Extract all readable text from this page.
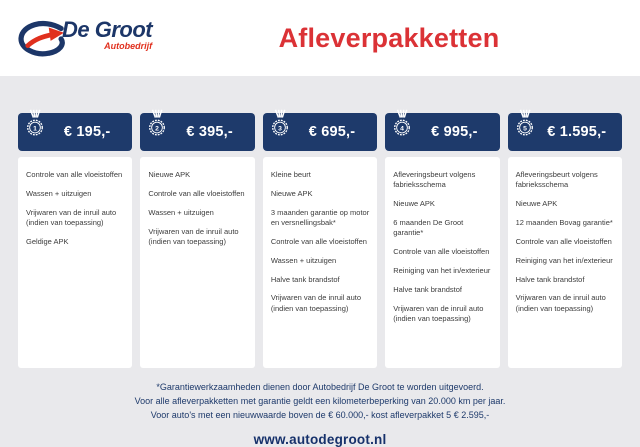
De Groot
Autobedrijf	Afleverpakketten
1 € 195,-
Controle van alle vloeistoffen
Wassen + uitzuigen
Vrijwaren van de inruil auto (indien van toepassing)
Geldige APK
2 € 395,-
Nieuwe APK
Controle van alle vloeistoffen
Wassen + uitzuigen
Vrijwaren van de inruil auto (indien van toepassing)
3 € 695,-
Kleine beurt
Nieuwe APK
3 maanden garantie op motor en versnellingsbak*
Controle van alle vloeistoffen
Wassen + uitzuigen
Halve tank brandstof
Vrijwaren van de inruil auto (indien van toepassing)
4 € 995,-
Afleveringsbeurt volgens fabrieksschema
Nieuwe APK
6 maanden De Groot garantie*
Controle van alle vloeistoffen
Reiniging van het in/exterieur
Halve tank brandstof
Vrijwaren van de inruil auto (indien van toepassing)
5 € 1.595,-
Afleveringsbeurt volgens fabrieksschema
Nieuwe APK
12 maanden Bovag garantie*
Controle van alle vloeistoffen
Reiniging van het in/exterieur
Halve tank brandstof
Vrijwaren van de inruil auto (indien van toepassing)
*Garantiewerkzaamheden dienen door Autobedrijf De Groot te worden uitgevoerd.
Voor alle afleverpakketten met garantie geldt een kilometerbeperking van 20.000 km per jaar.
Voor auto's met een nieuwwaarde boven de € 60.000,- kost afleverpakket 5 € 2.595,-
www.autodegroot.nl
